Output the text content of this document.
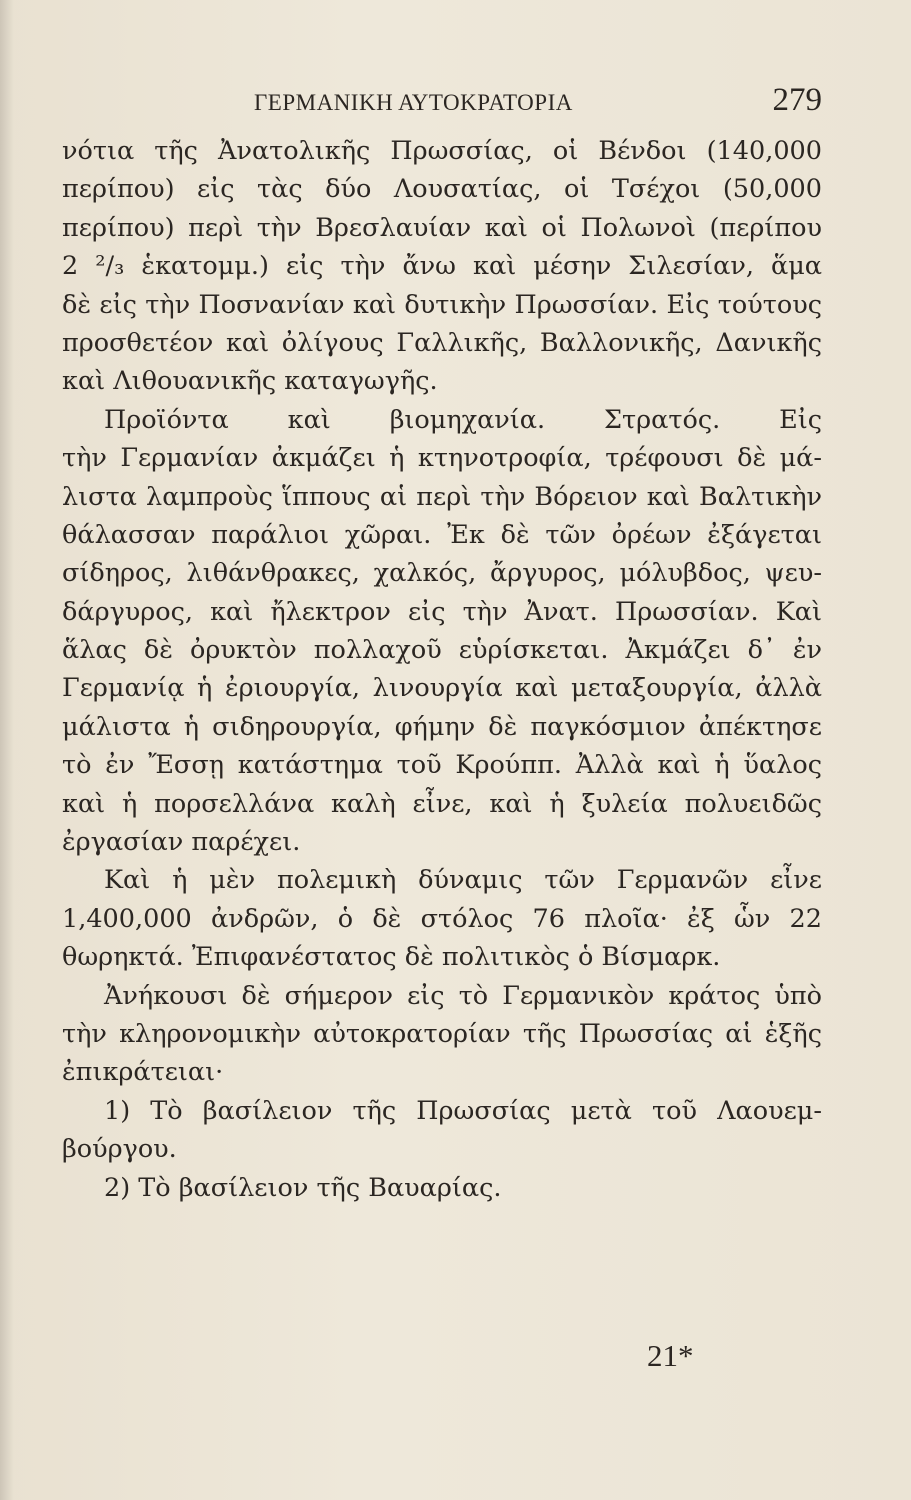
ΓΕΡΜΑΝΙΚΗ ΑΥΤΟΚΡΑΤΟΡΙΑ	279
νότια τῆς Ἀνατολικῆς Πρωσσίας, οἱ Βένδοι (140,000
περίπου) εἰς τὰς δύο Λουσατίας, οἱ Τσέχοι (50,000
περίπου) περὶ τὴν Βρεσλαυίαν καὶ οἱ Πολωνοὶ (περίπου
2 ²/₃ ἑκατομμ.) εἰς τὴν ἄνω καὶ μέσην Σιλεσίαν, ἅμα
δὲ εἰς τὴν Ποσνανίαν καὶ δυτικὴν Πρωσσίαν. Εἰς τούτους
προσθετέον καὶ ὀλίγους Γαλλικῆς, Βαλλονικῆς, Δανικῆς
καὶ Λιθουανικῆς καταγωγῆς.
Προϊόντα καὶ βιομηχανία. Στρατός. Εἰς
τὴν Γερμανίαν ἀκμάζει ἡ κτηνοτροφία, τρέφουσι δὲ μά-
λιστα λαμπροὺς ἵππους αἱ περὶ τὴν Βόρειον καὶ Βαλτικὴν
θάλασσαν παράλιοι χῶραι. Ἐκ δὲ τῶν ὀρέων ἐξάγεται
σίδηρος, λιθάνθρακες, χαλκός, ἄργυρος, μόλυβδος, ψευ-
δάργυρος, καὶ ἤλεκτρον εἰς τὴν Ἀνατ. Πρωσσίαν. Καὶ
ἅλας δὲ ὀρυκτὸν πολλαχοῦ εὑρίσκεται. Ἀκμάζει δ᾽ ἐν
Γερμανίᾳ ἡ ἐριουργία, λινουργία καὶ μεταξουργία, ἀλλὰ
μάλιστα ἡ σιδηρουργία, φήμην δὲ παγκόσμιον ἀπέκτησε
τὸ ἐν Ἔσσῃ κατάστημα τοῦ Κρούππ. Ἀλλὰ καὶ ἡ ὕαλος
καὶ ἡ πορσελλάνα καλὴ εἶνε, καὶ ἡ ξυλεία πολυειδῶς
ἐργασίαν παρέχει.
Καὶ ἡ μὲν πολεμικὴ δύναμις τῶν Γερμανῶν εἶνε
1,400,000 ἀνδρῶν, ὁ δὲ στόλος 76 πλοῖα· ἐξ ὧν 22
θωρηκτά. Ἐπιφανέστατος δὲ πολιτικὸς ὁ Βίσμαρκ.
Ἀνήκουσι δὲ σήμερον εἰς τὸ Γερμανικὸν κράτος ὑπὸ
τὴν κληρονομικὴν αὐτοκρατορίαν τῆς Πρωσσίας αἱ ἑξῆς
ἐπικράτειαι·
1) Τὸ βασίλειον τῆς Πρωσσίας μετὰ τοῦ Λαουεμ-
βούργου.
2) Τὸ βασίλειον τῆς Βαυαρίας.
21*
